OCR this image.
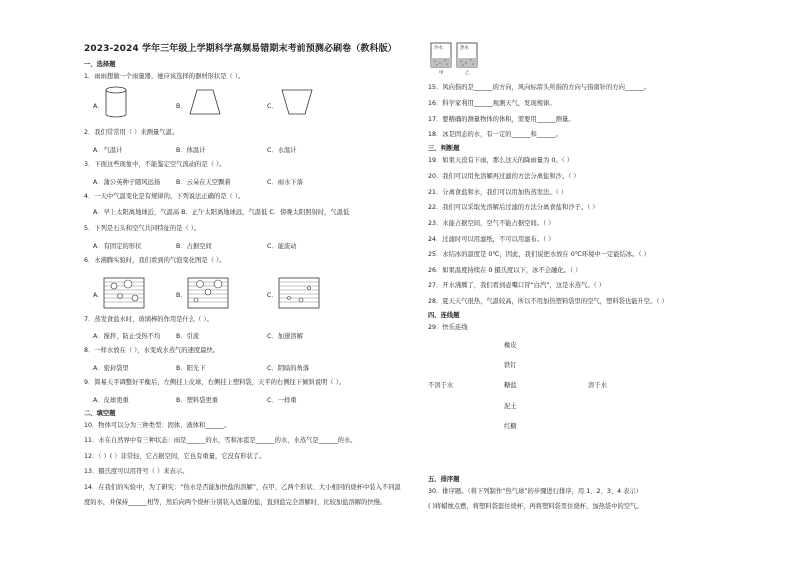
2023-2024 学年三年级上学期科学高频易错期末考前预测必刷卷（教科版）
一、选择题
1．雨雨想做一个雨量器，她应该选择的器材形状是（ ）。
A．	B．	C．
2．我们常常用（ ）来测量气温。
A．气温计	B．体温计	C．水温计
3．下面这些现象中，不能鉴定空气流动的是（ ）。
A．蒲公英种子随风远扬 B．云朵在天空飘着	C．雨水下落
4．一天中气温变化是有规律的。下列说法正确的是（ ）。
A．早上太阳离地球近，气温高 B．正午太阳离地球远，气温低 C．傍晚太阳照射时，气温低
5．下列是石头和空气共同特征的是（ ）。
A．有固定的形状	B．占据空间	C．能流动
6．水沸腾实验时，我们看到的气泡变化图是（ ）。
A．	B．	C．
7．蒸发食盐水时，玻璃棒的作用是什么（ ）。
A．搅拌，防止受热不均 B．引流	C．加速溶解
8．一样水放在（ ），水变成水蒸气的速度最快。
A．密封袋里	B．阳光下	C．阴暗的角落
9．简易天平调整好平衡后，左侧挂上皮球，右侧挂上塑料袋，天平的右侧往下倾斜说明（ ）。
A．皮球更重	B．塑料袋更重	C．一样重
二、填空题
10．物体可以分为三种类型：固体、液体和______。
11．水在自然界中有三种状态：雨是______的水，雪和冰雹是______的水，水蒸气是______的水。
12．（ ）( ）非常轻，它占据空间，它也有重量，它没有形状了。
13．摄氏度可以用符号（ ）来表示。
14．在我们的实验中，为了研究：“热水是否能加快盐的溶解”，在甲、乙两个形状、大小相同的烧杯中装入不同温
度的水，并保持______相等，然后向两个烧杯分别装入适量的盐，直到盐完全溶解时，比较加盐溶解的快慢。
冷水
甲
热水
乙
15．风向指的是______的方向，风向标箭头所指的方向与指南针的方向______。
16．科学家利用______观测天气，发现规律。
17．要精确的测量物体的体积，需要用______测量。
18．冰是固态的水，有一定的______和______。
三、判断题
19．如果天没有下雨，那么这天的降雨量为 0。（ ）
20．我们可以用先溶解再过滤的方法分离盐和沙。（ ）
21．分离食盐和水，我们可以用加热蒸发法。（ ）
22．我们可以采取先溶解后过滤的方法分离食盐和沙子。（ ）
23．水能占据空间，空气不能占据空间。（ ）
24．过滤时可以用滤纸，不可以用滤布。（ ）
25．水结冰的温度是 0℃，因此，我们说把水放在 0℃环境中一定能结冰。（ ）
26．如果温度持续在 0 摄氏度以下，冰不会融化。（ ）
27．开水沸腾了，我们看到壶嘴口冒“白汽”，这是水蒸气。（ ）
28．夏天天气很热，气温较高，所以不用加热塑料袋里的空气，塑料袋也能升空。（ ）
四、连线题
29．快乐连线
橡皮
铁钉
不溶于水	糖盐	溶于水
泥土
红糖
五、排序题
30．排序题。（将下列制作“热气球”的步骤进行排序，用 1、2、3、4 表示）
( )将蜡烛点燃，将塑料袋套住烧杯，再将塑料袋里住烧杯，加热袋中的空气。
